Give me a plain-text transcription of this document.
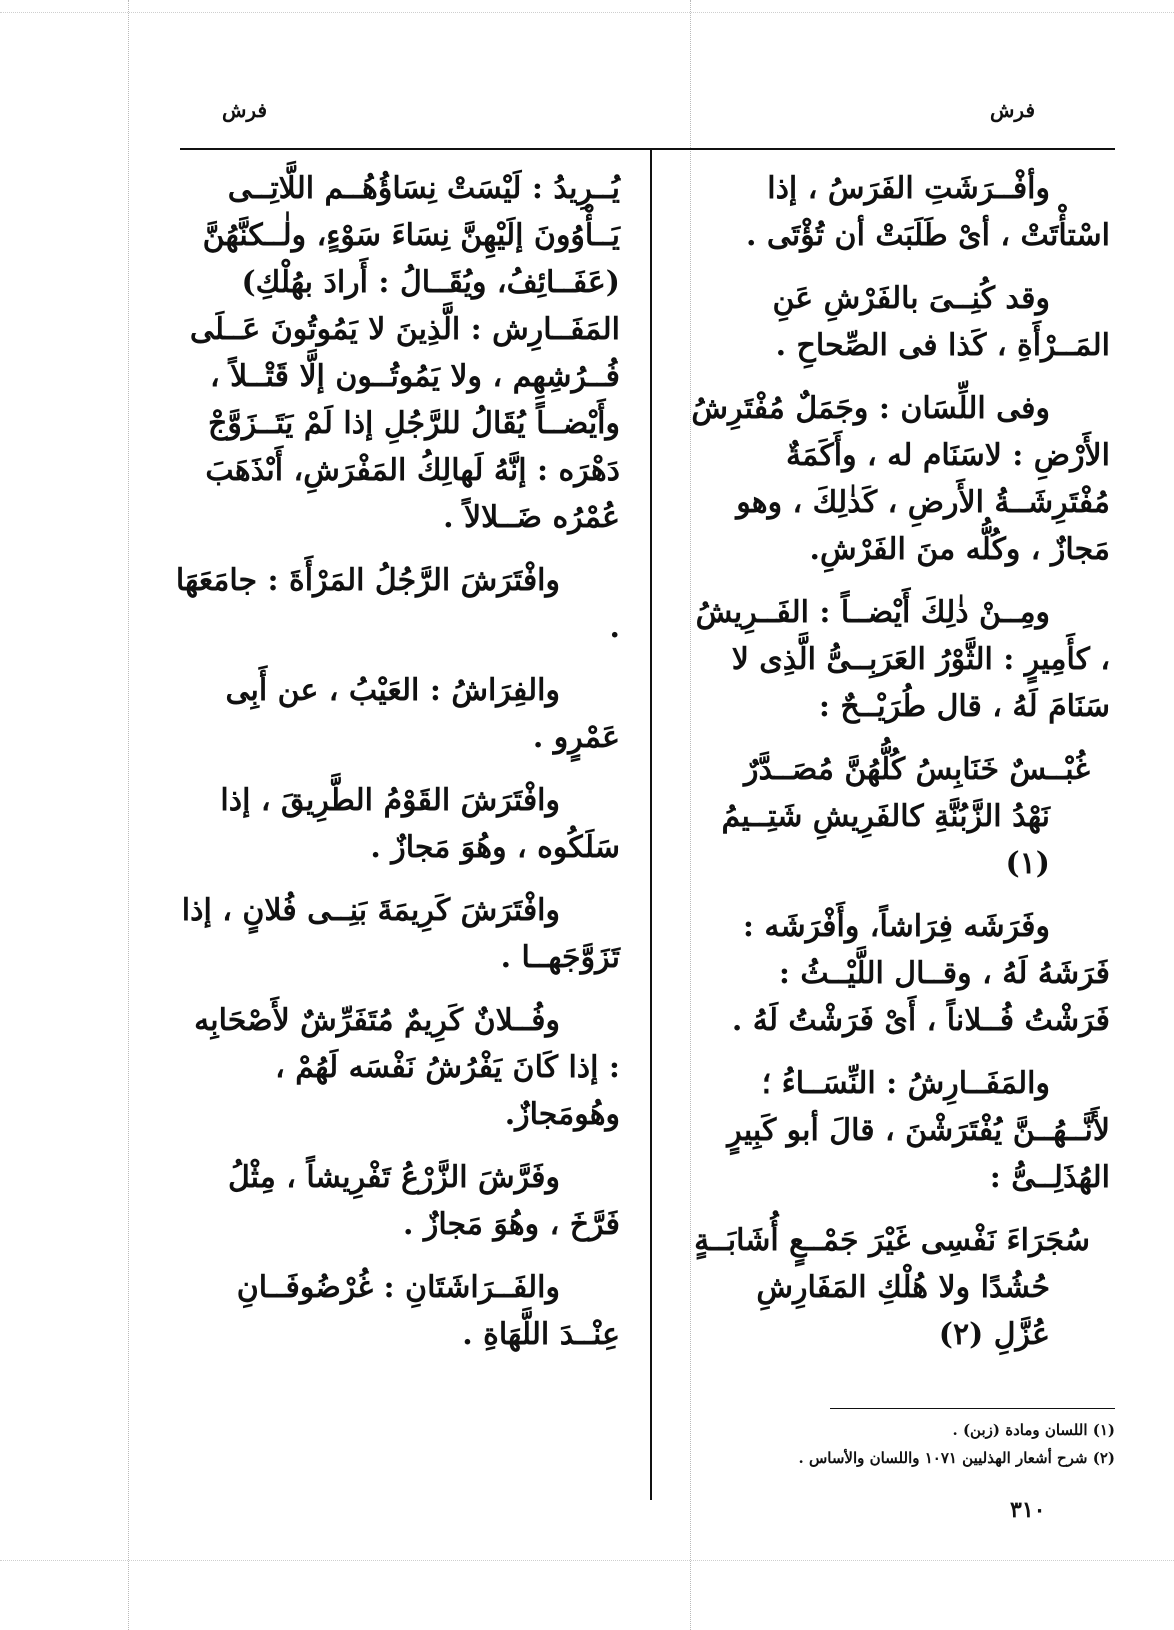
فرش
فرش

وأفْــرَشَتِ الفَرَسُ ، إذا اسْتأْتَتْ ، أىْ طَلَبَتْ أن تُؤْتَى .

وقد كُنِــىَ بالفَرْشِ عَنِ المَــرْأَةِ ، كَذا فى الصِّحاحِ .

وفى اللِّسَان : وجَمَلٌ مُفْتَرِشُ الأَرْضِ : لاسَنَام له ، وأَكَمَةٌ مُفْتَرِشَــةُ الأَرضِ ، كَذٰلِكَ ، وهو مَجازٌ ، وكُلُّه منَ الفَرْشِ.

ومِــنْ ذٰلِكَ أَيْضــاً : الفَــرِيشُ ، كأَمِيرٍ : الثَّوْرُ العَرَبِــىُّ الَّذِى لا سَنَامَ لَهُ ، قال طُرَيْــحٌ :

غُبْــسٌ خَنَابِسُ كُلُّهُنَّ مُصَــدَّرٌ

نَهْدُ الزَّبُنَّةِ كالفَرِيشِ شَتِــيمُ (١)

وفَرَشَه فِرَاشاً، وأَفْرَشَه : فَرَشَهُ لَهُ ، وقــال اللَّيْــثُ : فَرَشْتُ فُــلاناً ، أَىْ فَرَشْتُ لَهُ .

والمَفَــارِشُ : النِّسَــاءُ ؛ لأَنَّــهُــنَّ يُفْتَرَشْنَ ، قالَ أبو كَبِيرٍ الهُذَلِــىُّ :

سُجَرَاءَ نَفْسِى غَيْرَ جَمْــعٍ أُشَابَــةٍ

حُشُدًا ولا هُلْكِ المَفَارِشِ عُزَّلِ (٢)

يُــرِيدُ : لَيْسَتْ نِسَاؤُهُــم اللَّاتِــى يَــأْوُونَ إلَيْهِنَّ نِسَاءَ سَوْءٍ، ولٰــكنَّهُنَّ (عَفَــائِفُ، ويُقَــالُ : أَرادَ بهُلْكِ) المَفَــارِش : الَّذِينَ لا يَمُوتُونَ عَــلَى فُــرُشِهِم ، ولا يَمُوتُــون إلَّا قَتْــلاً ، وأَيْضــاً يُقَالُ للرَّجُلِ إذا لَمْ يَتَــزَوَّجْ دَهْرَه : إنَّهُ لَهالِكُ المَفْرَشِ، أَىْذَهَبَ عُمْرُه ضَــلالاً .

وافْتَرَشَ الرَّجُلُ المَرْأَةَ : جامَعَهَا .

والفِرَاشُ : العَيْبُ ، عن أَبِى عَمْرٍو .

وافْتَرَشَ القَوْمُ الطَّرِيقَ ، إذا سَلَكُوه ، وهُوَ مَجازٌ .

وافْتَرَشَ كَرِيمَةَ بَنِــى فُلانٍ ، إذا تَزَوَّجَهــا .

وفُــلانٌ كَرِيمٌ مُتَفَرِّشٌ لأَصْحَابِه : إذا كَانَ يَفْرُشُ نَفْسَه لَهُمْ ، وهُومَجازٌ.

وفَرَّشَ الزَّرْعُ تَفْرِيشاً ، مِثْلُ فَرَّخَ ، وهُوَ مَجازٌ .

والفَــرَاشَتَانِ : غُرْضُوفَــانِ عِنْــدَ اللَّهَاةِ .

(١) اللسان ومادة (زبن) .
(٢) شرح أشعار الهذليين ١٠٧١ واللسان والأساس .
٣١٠
